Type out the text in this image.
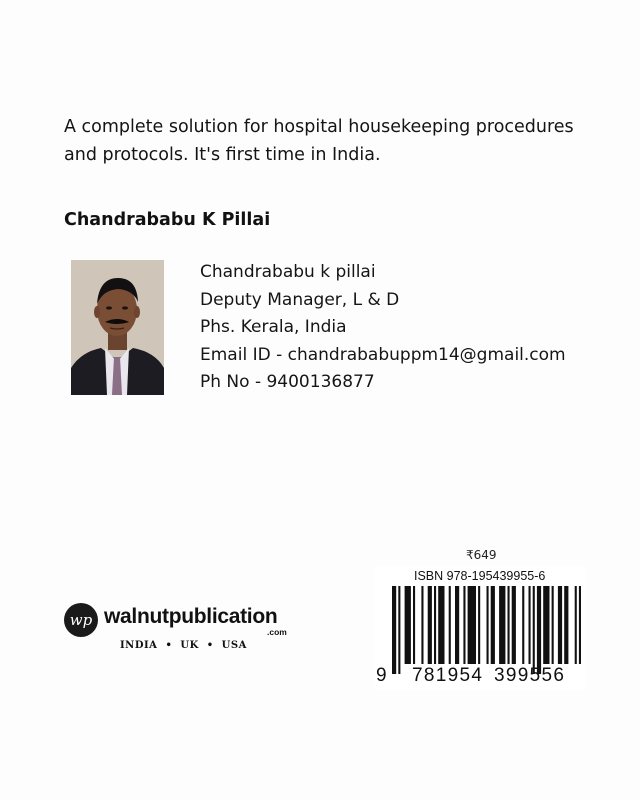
A complete solution for hospital housekeeping procedures
and protocols. It's first time in India.
Chandrababu K Pillai
Chandrababu k pillai
Deputy Manager, L & D
Phs. Kerala, India
Email ID - chandrababuppm14@gmail.com
Ph No - 9400136877
₹649
ISBN 978-195439955-6
9 781954 399556
wp walnutpublication
.com
INDIA • UK • USA
